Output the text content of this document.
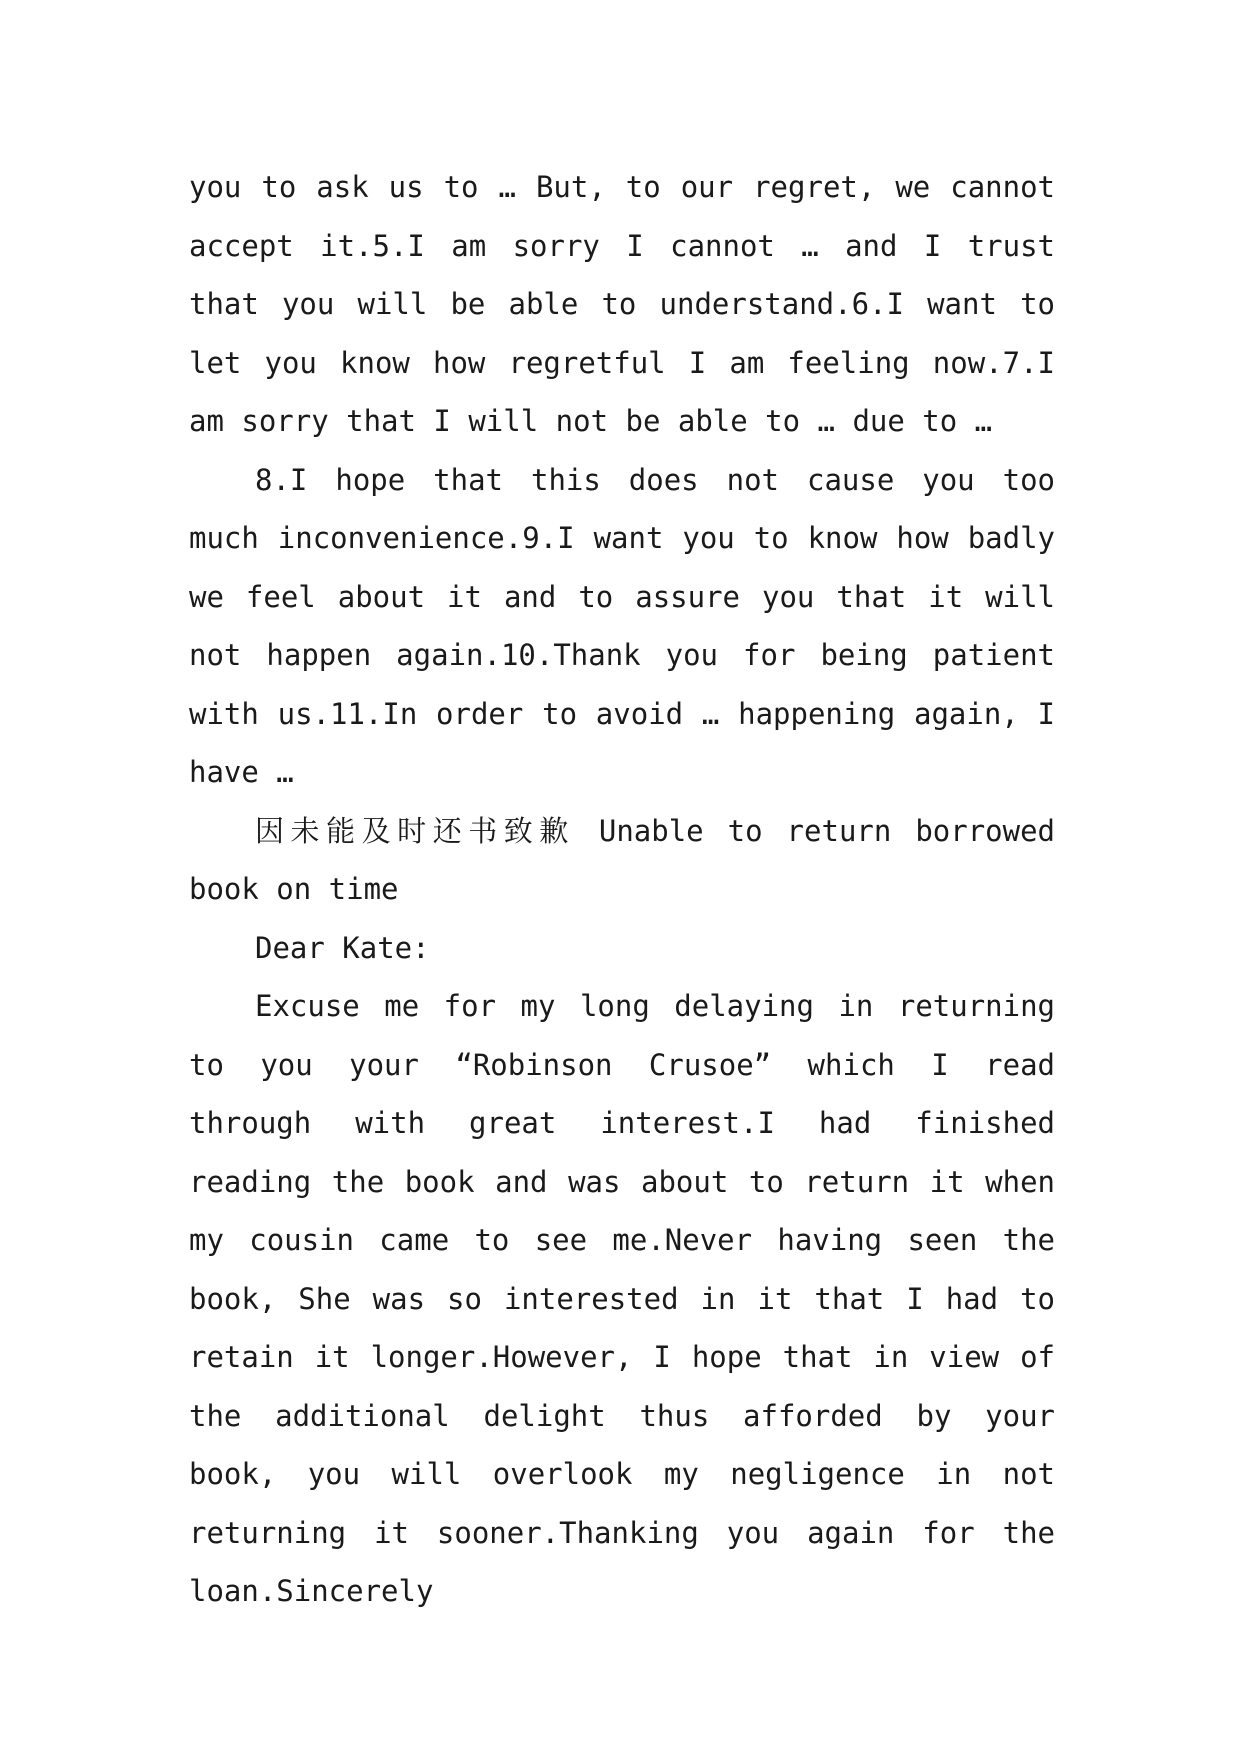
you to ask us to … But, to our regret, we cannot accept it.5.I am sorry I cannot … and I trust that you will be able to understand.6.I want to let you know how regretful I am feeling now.7.I am sorry that I will not be able to … due to …

8.I hope that this does not cause you too much inconvenience.9.I want you to know how badly we feel about it and to assure you that it will not happen again.10.Thank you for being patient with us.11.In order to avoid … happening again, I have …

因未能及时还书致歉 Unable to return borrowed book on time

Dear Kate:

Excuse me for my long delaying in returning to you your “Robinson Crusoe” which I read through with great interest.I had finished reading the book and was about to return it when my cousin came to see me.Never having seen the book, She was so interested in it that I had to retain it longer.However, I hope that in view of the additional delight thus afforded by your book, you will overlook my negligence in not returning it sooner.Thanking you again for the loan.Sincerely
